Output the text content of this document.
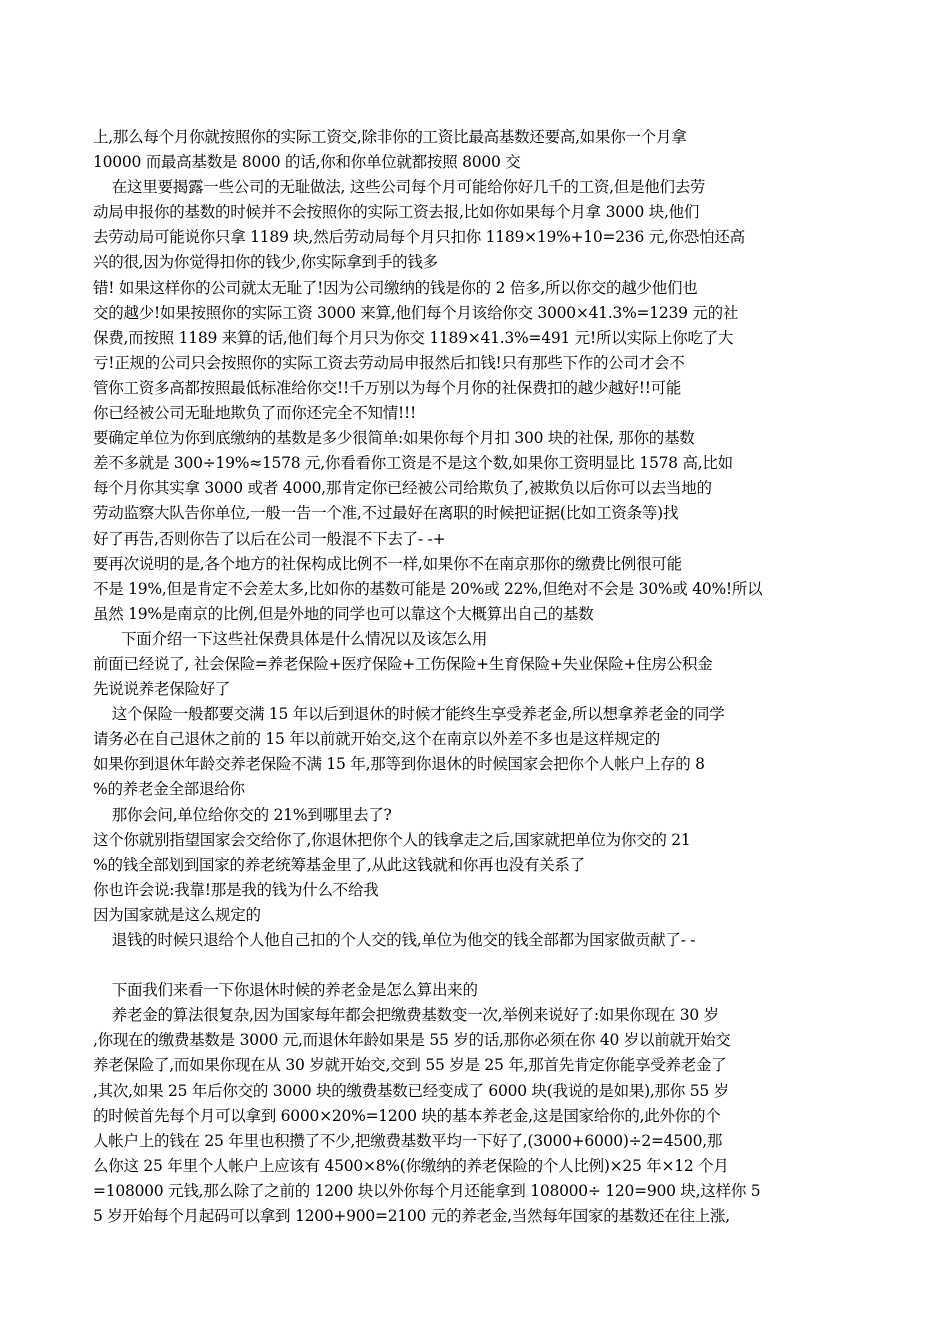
上,那么每个月你就按照你的实际工资交,除非你的工资比最高基数还要高,如果你一个月拿
10000 而最高基数是 8000 的话,你和你单位就都按照 8000 交
在这里要揭露一些公司的无耻做法, 这些公司每个月可能给你好几千的工资,但是他们去劳
动局申报你的基数的时候并不会按照你的实际工资去报,比如你如果每个月拿 3000 块,他们
去劳动局可能说你只拿 1189 块,然后劳动局每个月只扣你 1189×19%+10=236 元,你恐怕还高
兴的很,因为你觉得扣你的钱少,你实际拿到手的钱多
错! 如果这样你的公司就太无耻了!因为公司缴纳的钱是你的 2 倍多,所以你交的越少他们也
交的越少!如果按照你的实际工资 3000 来算,他们每个月该给你交 3000×41.3%=1239 元的社
保费,而按照 1189 来算的话,他们每个月只为你交 1189×41.3%=491 元!所以实际上你吃了大
亏!正规的公司只会按照你的实际工资去劳动局申报然后扣钱!只有那些下作的公司才会不
管你工资多高都按照最低标准给你交!!千万别以为每个月你的社保费扣的越少越好!!可能
你已经被公司无耻地欺负了而你还完全不知情!!!
要确定单位为你到底缴纳的基数是多少很简单:如果你每个月扣 300 块的社保, 那你的基数
差不多就是 300÷19%≈1578 元,你看看你工资是不是这个数,如果你工资明显比 1578 高,比如
每个月你其实拿 3000 或者 4000,那肯定你已经被公司给欺负了,被欺负以后你可以去当地的
劳动监察大队告你单位,一般一告一个准,不过最好在离职的时候把证据(比如工资条等)找
好了再告,否则你告了以后在公司一般混不下去了- -+
要再次说明的是,各个地方的社保构成比例不一样,如果你不在南京那你的缴费比例很可能
不是 19%,但是肯定不会差太多,比如你的基数可能是 20%或 22%,但绝对不会是 30%或 40%!所以
虽然 19%是南京的比例,但是外地的同学也可以靠这个大概算出自己的基数
下面介绍一下这些社保费具体是什么情况以及该怎么用
前面已经说了, 社会保险=养老保险+医疗保险+工伤保险+生育保险+失业保险+住房公积金
先说说养老保险好了
这个保险一般都要交满 15 年以后到退休的时候才能终生享受养老金,所以想拿养老金的同学
请务必在自己退休之前的 15 年以前就开始交,这个在南京以外差不多也是这样规定的
如果你到退休年龄交养老保险不满 15 年,那等到你退休的时候国家会把你个人帐户上存的 8
%的养老金全部退给你
那你会问,单位给你交的 21%到哪里去了?
这个你就别指望国家会交给你了,你退休把你个人的钱拿走之后,国家就把单位为你交的 21
%的钱全部划到国家的养老统筹基金里了,从此这钱就和你再也没有关系了
你也许会说:我靠!那是我的钱为什么不给我
因为国家就是这么规定的
退钱的时候只退给个人他自己扣的个人交的钱,单位为他交的钱全部都为国家做贡献了- -
下面我们来看一下你退休时候的养老金是怎么算出来的
养老金的算法很复杂,因为国家每年都会把缴费基数变一次,举例来说好了:如果你现在 30 岁
,你现在的缴费基数是 3000 元,而退休年龄如果是 55 岁的话,那你必须在你 40 岁以前就开始交
养老保险了,而如果你现在从 30 岁就开始交,交到 55 岁是 25 年,那首先肯定你能享受养老金了
,其次,如果 25 年后你交的 3000 块的缴费基数已经变成了 6000 块(我说的是如果),那你 55 岁
的时候首先每个月可以拿到 6000×20%=1200 块的基本养老金,这是国家给你的,此外你的个
人帐户上的钱在 25 年里也积攒了不少,把缴费基数平均一下好了,(3000+6000)÷2=4500,那
么你这 25 年里个人帐户上应该有 4500×8%(你缴纳的养老保险的个人比例)×25 年×12 个月
=108000 元钱,那么除了之前的 1200 块以外你每个月还能拿到 108000÷ 120=900 块,这样你 5
5 岁开始每个月起码可以拿到 1200+900=2100 元的养老金,当然每年国家的基数还在往上涨,
